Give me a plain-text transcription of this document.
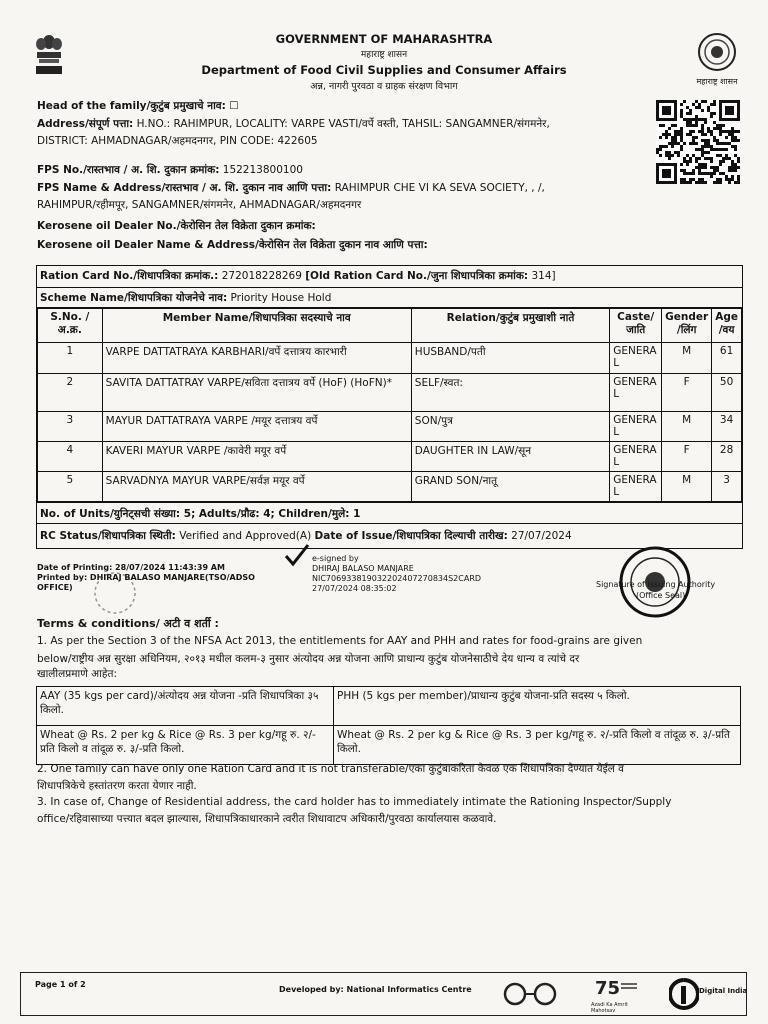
महाराष्ट्र शासन
GOVERNMENT OF MAHARASHTRA
महाराष्ट्र शासन
Department of Food Civil Supplies and Consumer Affairs
अन्न, नागरी पुरवठा व ग्राहक संरक्षण विभाग
Head of the family/कुटुंब प्रमुखाचे नाव: ☐
Address/संपूर्ण पत्ता: H.NO.: RAHIMPUR, LOCALITY: VARPE VASTI/वर्पे वस्ती, TAHSIL: SANGAMNER/संगमनेर,
DISTRICT: AHMADNAGAR/अहमदनगर, PIN CODE: 422605
FPS No./रास्तभाव / अ. शि. दुकान क्रमांक: 152213800100
FPS Name & Address/रास्तभाव / अ. शि. दुकान नाव आणि पत्ता: RAHIMPUR CHE VI KA SEVA SOCIETY, , /,
RAHIMPUR/रहीमपूर, SANGAMNER/संगमनेर, AHMADNAGAR/अहमदनगर
Kerosene oil Dealer No./केरोसिन तेल विक्रेता दुकान क्रमांक:
Kerosene oil Dealer Name & Address/केरोसिन तेल विक्रेता दुकान नाव आणि पत्ता:
Ration Card No./शिधापत्रिका क्रमांक.: 272018228269 [Old Ration Card No./जुना शिधापत्रिका क्रमांक: 314]
Scheme Name/शिधापत्रिका योजनेचे नाव: Priority House Hold
S.No. /अ.क्र.	Member Name/शिधापत्रिका सदस्याचे नाव	Relation/कुटुंब प्रमुखाशी नाते	Caste/ जाति	Gender /लिंग	Age /वय
1	VARPE DATTATRAYA KARBHARI/वर्पे दत्तात्रय कारभारी	HUSBAND/पती	GENERA L	M	61
2	SAVITA DATTATRAY VARPE/सविता दत्तात्रय वर्पे (HoF) (HoFN)*	SELF/स्वत:	GENERA L	F	50
3	MAYUR DATTATRAYA VARPE /मयूर दत्तात्रय वर्पे	SON/पुत्र	GENERA L	M	34
4	KAVERI MAYUR VARPE /कावेरी मयूर वर्पे	DAUGHTER IN LAW/सून	GENERA L	F	28
5	SARVADNYA MAYUR VARPE/सर्वज्ञ मयूर वर्पे	GRAND SON/नातू	GENERA L	M	3
No. of Units/युनिट्सची संख्या: 5; Adults/प्रौढ: 4; Children/मुले: 1
RC Status/शिधापत्रिका स्थिती: Verified and Approved(A) Date of Issue/शिधापत्रिका दिल्याची तारीख: 27/07/2024
Date of Printing: 28/07/2024 11:43:39 AM
Printed by: DHIRAJ BALASO MANJARE(TSO/ADSO
OFFICE)
e-signed by
DHIRAJ BALASO MANJARE
NIC706933819032202407270834S2CARD
27/07/2024 08:35:02	Signature of Issuing Authority
(Office Seal)
Terms & conditions/ अटी व शर्ती :
1. As per the Section 3 of the NFSA Act 2013, the entitlements for AAY and PHH and rates for food-grains are given
below/राष्ट्रीय अन्न सुरक्षा अधिनियम, २०१३ मधील कलम-३ नुसार अंत्योदय अन्न योजना आणि प्राधान्य कुटुंब योजनेसाठीचे देय धान्य व त्यांचे दर
खालीलप्रमाणे आहेत:
AAY (35 kgs per card)/अंत्योदय अन्न योजना -प्रति शिधापत्रिका ३५ किलो.	PHH (5 kgs per member)/प्राधान्य कुटुंब योजना-प्रति सदस्य ५ किलो.
Wheat @ Rs. 2 per kg & Rice @ Rs. 3 per kg/गहू रु. २/-प्रति किलो व तांदूळ रु. ३/-प्रति किलो.	Wheat @ Rs. 2 per kg & Rice @ Rs. 3 per kg/गहू रु. २/-प्रति किलो व तांदूळ रु. ३/-प्रति किलो.
2. One family can have only one Ration Card and it is not transferable/एका कुटुंबाकरिता केवळ एक शिधापत्रिका देण्यात येईल व
शिधापत्रिकेचे हस्तांतरण करता येणार नाही.
3. In case of, Change of Residential address, the card holder has to immediately intimate the Rationing Inspector/Supply
office/रहिवासाच्या पत्त्यात बदल झाल्यास, शिधापत्रिकाधारकाने त्वरीत शिधावाटप अधिकारी/पुरवठा कार्यालयास कळवावे.
Page 1 of 2
Developed by: National Informatics Centre	75
Azadi Ka Amrit Mahotsav
Digital India
